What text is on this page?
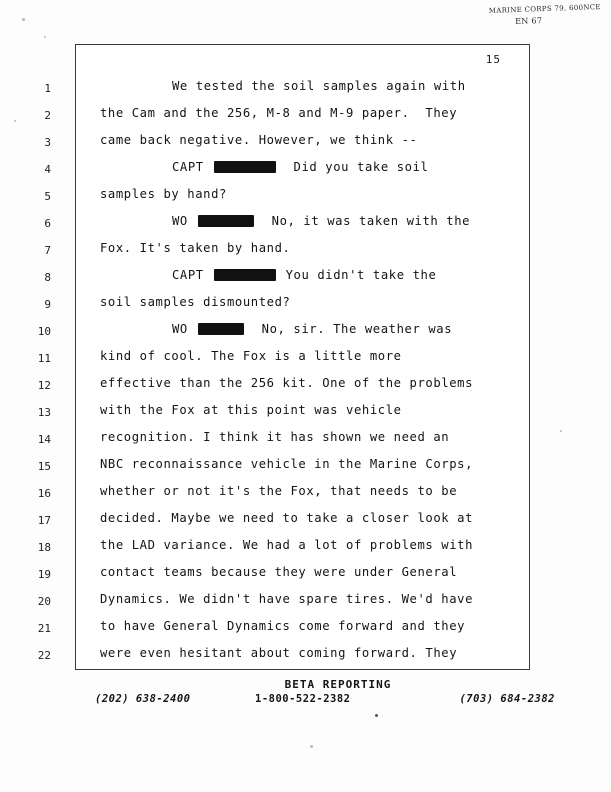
MARINE CORPS 79, 600NCE
EN 67
15
1	We tested the soil samples again with
2	the Cam and the 256, M-8 and M-9 paper.  They
3	came back negative. However, we think --
4	CAPT	Did you take soil
5	samples by hand?
6	WO	No, it was taken with the
7	Fox. It's taken by hand.
8	CAPT	You didn't take the
9	soil samples dismounted?
10	WO	No, sir. The weather was
11	kind of cool. The Fox is a little more
12	effective than the 256 kit. One of the problems
13	with the Fox at this point was vehicle
14	recognition. I think it has shown we need an
15	NBC reconnaissance vehicle in the Marine Corps,
16	whether or not it's the Fox, that needs to be
17	decided. Maybe we need to take a closer look at
18	the LAD variance. We had a lot of problems with
19	contact teams because they were under General
20	Dynamics. We didn't have spare tires. We'd have
21	to have General Dynamics come forward and they
22	were even hesitant about coming forward. They
BETA REPORTING
(202) 638-2400	1-800-522-2382	(703) 684-2382
